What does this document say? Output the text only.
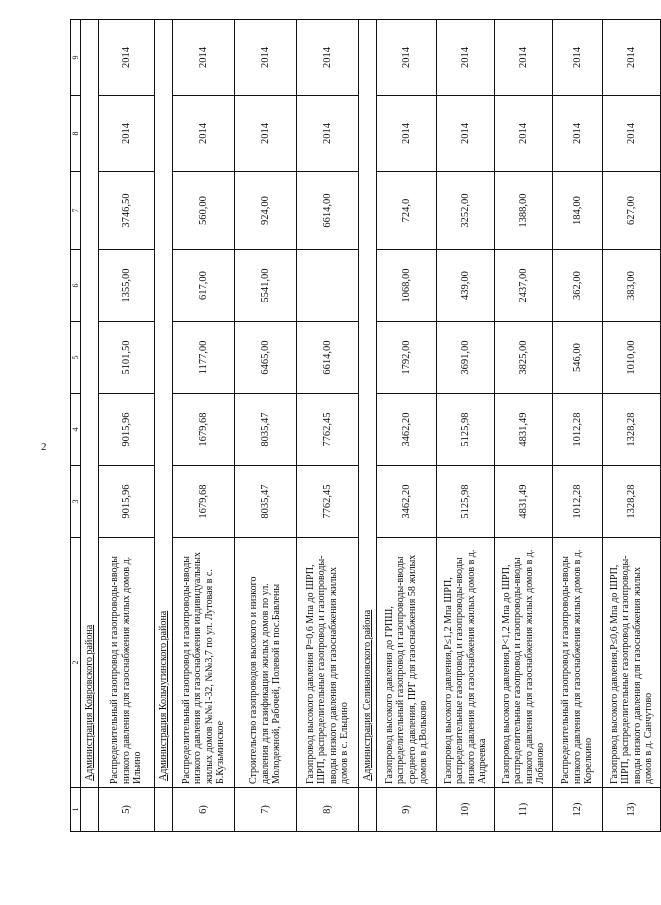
2
1	2	3	4	5	6	7	8	9
	Администрация Ковровского района							
5)	Распределительный газопровод и газопроводы-вводы низкого давления для газоснабжения жилых домов д. Ильино	9015,96	9015,96	5101,50	1355,00	3746,50	2014	2014
	Администрация Кольчугинского района							
6)	Распределительный газопровод и газопроводы-вводы низкого давления для газоснабжения индивидуальных жилых домов №№1-32, №№3,7 по ул. Лутовая в с. Б.Кузьминское	1679,68	1679,68	1177,00	617,00	560,00	2014	2014
7)	Строительство газопроводов высокого и низкого давления для газификации жилых домов по ул. Молодежной, Рабочей, Полевой в пос.Бавлены	8035,47	8035,47	6465,00	5541,00	924,00	2014	2014
8)	Газопровод высокого давления Р=0,6 Мпа до ШРП, ШРП, распределительные газопровод и газопроводы-вводы низкого давления для газоснабжения жилых домов в с. Ельцино	7762,45	7762,45	6614,00		6614,00	2014	2014
	Администрация Селивановского района							
9)	Газопровод высокого давления до ГРПШ, распределительный газопровод и газопроводы-вводы среднего давления, ПРГ для газоснабжения 58 жилых домов в д.Вольково	3462,20	3462,20	1792,00	1068,00	724,0	2014	2014
10)	Газопровод высокого давления,Р≤1,2 Мпа ШРП, распределительные газопровод и газопроводы-вводы низкого давления для газоснабжения жилых домов в д. Андреевка	5125,98	5125,98	3691,00	439,00	3252,00	2014	2014
11)	Газопровод высокого давления,Р<1,2 Мпа до ШРП, распределительные газопровод и газопроводы-вводы низкого давления для газоснабжения жилых домов в д. Лобаново	4831,49	4831,49	3825,00	2437,00	1388,00	2014	2014
12)	Распределительный газопровод и газопроводы-вводы низкого давления для газоснабжения жилых домов в д. Корелкино	1012,28	1012,28	546,00	362,00	184,00	2014	2014
13)	Газопровод высокого давления,Р≤0,6 Мпа до ШРП, ШРП, распределительные газопровод и газопроводы-вводы низкого давления для газоснабжения жилых домов в д. Санчутово	1328,28	1328,28	1010,00	383,00	627,00	2014	2014
